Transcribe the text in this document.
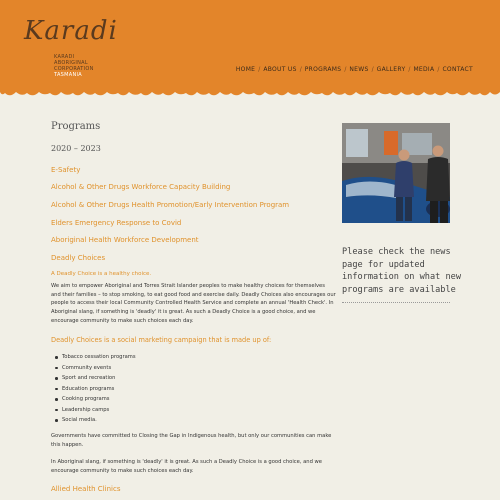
Karadi
KARADI
ABORIGINAL
CORPORATION
TASMANIA
HOME / ABOUT US / PROGRAMS / NEWS / GALLERY / MEDIA / CONTACT
Programs
2020 – 2023
E-Safety
Alcohol & Other Drugs Workforce Capacity Building
Alcohol & Other Drugs Health Promotion/Early Intervention Program
Elders Emergency Response to Covid
Aboriginal Health Workforce Development
Deadly Choices
A Deadly Choice is a healthy choice.
We aim to empower Aboriginal and Torres Strait Islander peoples to make healthy choices for themselves and their families – to stop smoking, to eat good food and exercise daily. Deadly Choices also encourages our people to access their local Community Controlled Health Service and complete an annual 'Health Check'. In Aboriginal slang, if something is 'deadly' it is great. As such a Deadly Choice is a good choice, and we encourage community to make such choices each day.
Deadly Choices is a social marketing campaign that is made up of:
Tobacco cessation programs
Community events
Sport and recreation
Education programs
Cooking programs
Leadership camps
Social media.
Governments have committed to Closing the Gap in Indigenous health, but only our communities can make this happen.
In Aboriginal slang, if something is 'deadly' it is great. As such a Deadly Choice is a good choice, and we encourage community to make such choices each day.
Allied Health Clinics
Please check the news page for updated information on what new programs are available
